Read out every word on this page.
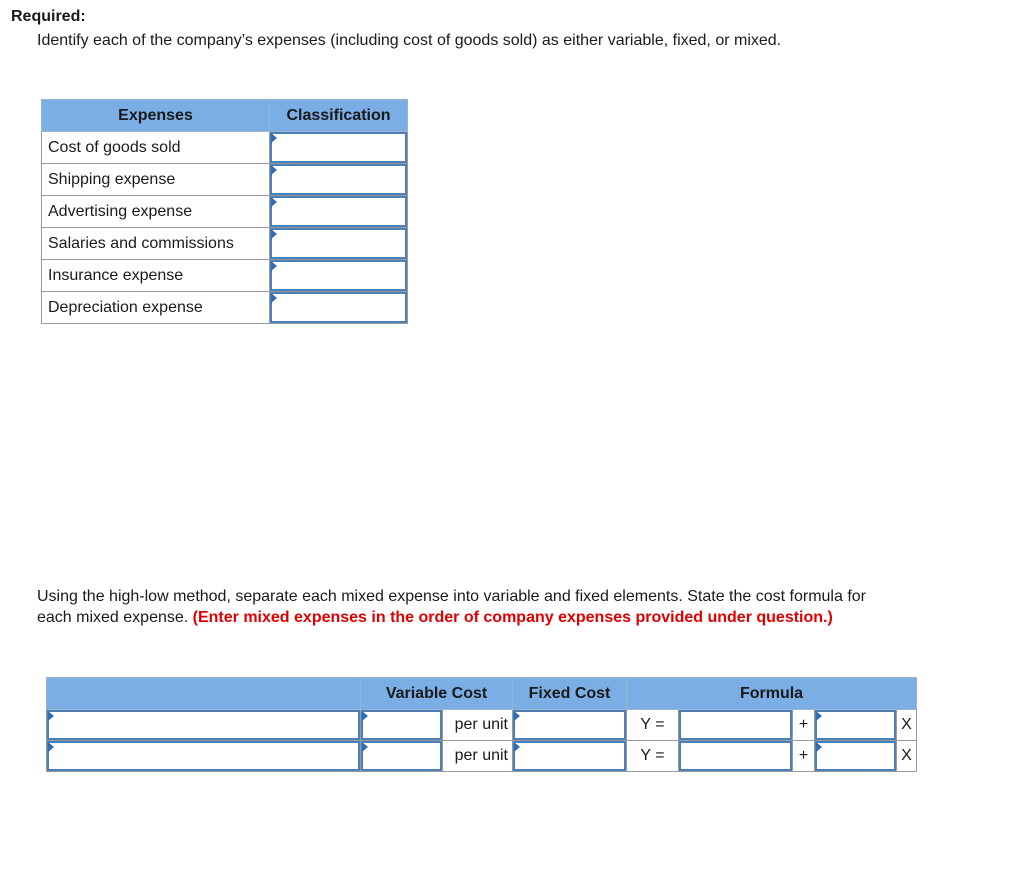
Required:
Identify each of the company’s expenses (including cost of goods sold) as either variable, fixed, or mixed.
Expenses	Classification
Cost of goods sold	

Shipping expense	

Advertising expense	

Salaries and commissions	

Insurance expense	

Depreciation expense	
Using the high-low method, separate each mixed expense into variable and fixed elements. State the cost formula for each mixed expense. (Enter mixed expenses in the order of company expenses provided under question.)
	Variable Cost		Fixed Cost	Formula				

	per unit		Y =		+		X

	per unit		Y =		+		X
